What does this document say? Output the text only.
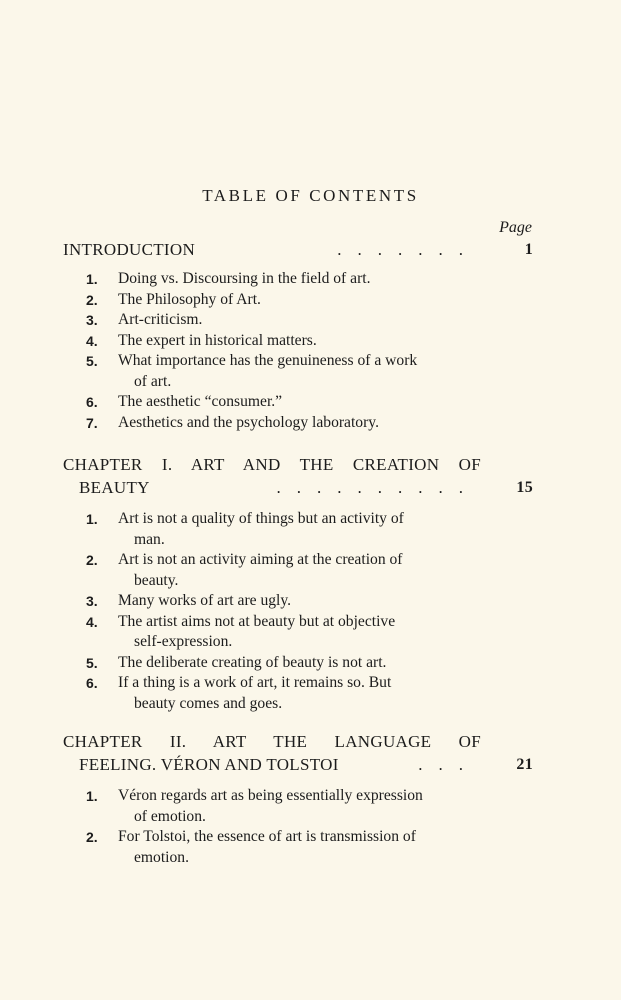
TABLE OF CONTENTS
Page
INTRODUCTION	.......	1
1. Doing vs. Discoursing in the field of art.
2. The Philosophy of Art.
3. Art-criticism.
4. The expert in historical matters.
5. What importance has the genuineness of a work
of art.
6. The aesthetic “consumer.”
7. Aesthetics and the psychology laboratory.
CHAPTER I. ART AND THE CREATION OF
BEAUTY	.......... 15
1. Art is not a quality of things but an activity of
man.
2. Art is not an activity aiming at the creation of
beauty.
3. Many works of art are ugly.
4. The artist aims not at beauty but at objective
self-expression.
5. The deliberate creating of beauty is not art.
6. If a thing is a work of art, it remains so. But
beauty comes and goes.
CHAPTER II. ART THE LANGUAGE OF
FEELING. VÉRON AND TOLSTOI	... 21
1. Véron regards art as being essentially expression
of emotion.
2. For Tolstoi, the essence of art is transmission of
emotion.
